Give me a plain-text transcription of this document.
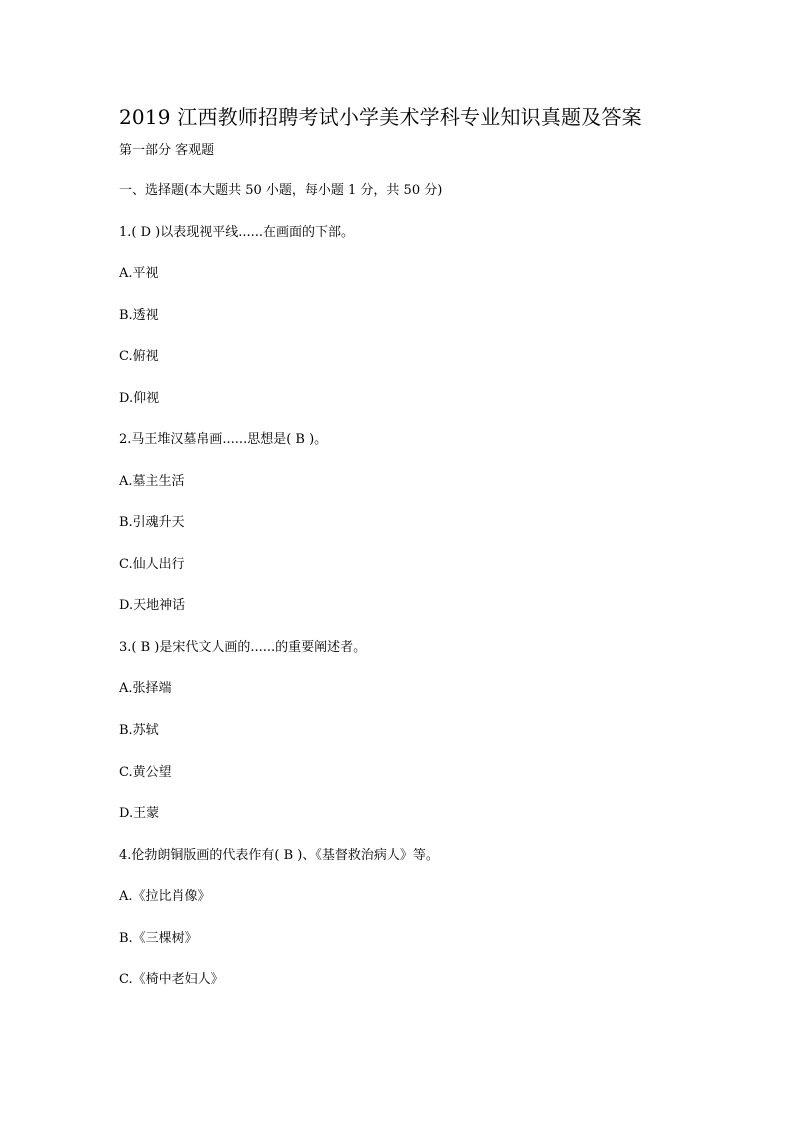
2019 江西教师招聘考试小学美术学科专业知识真题及答案
第一部分 客观题
一、选择题(本大题共 50 小题，每小题 1 分，共 50 分)
1.( D )以表现视平线......在画面的下部。
A.平视
B.透视
C.俯视
D.仰视
2.马王堆汉墓帛画......思想是( B )。
A.墓主生活
B.引魂升天
C.仙人出行
D.天地神话
3.( B )是宋代文人画的......的重要阐述者。
A.张择端
B.苏轼
C.黄公望
D.王蒙
4.伦勃朗铜版画的代表作有( B )、《基督救治病人》等。
A.《拉比肖像》
B.《三棵树》
C.《椅中老妇人》
